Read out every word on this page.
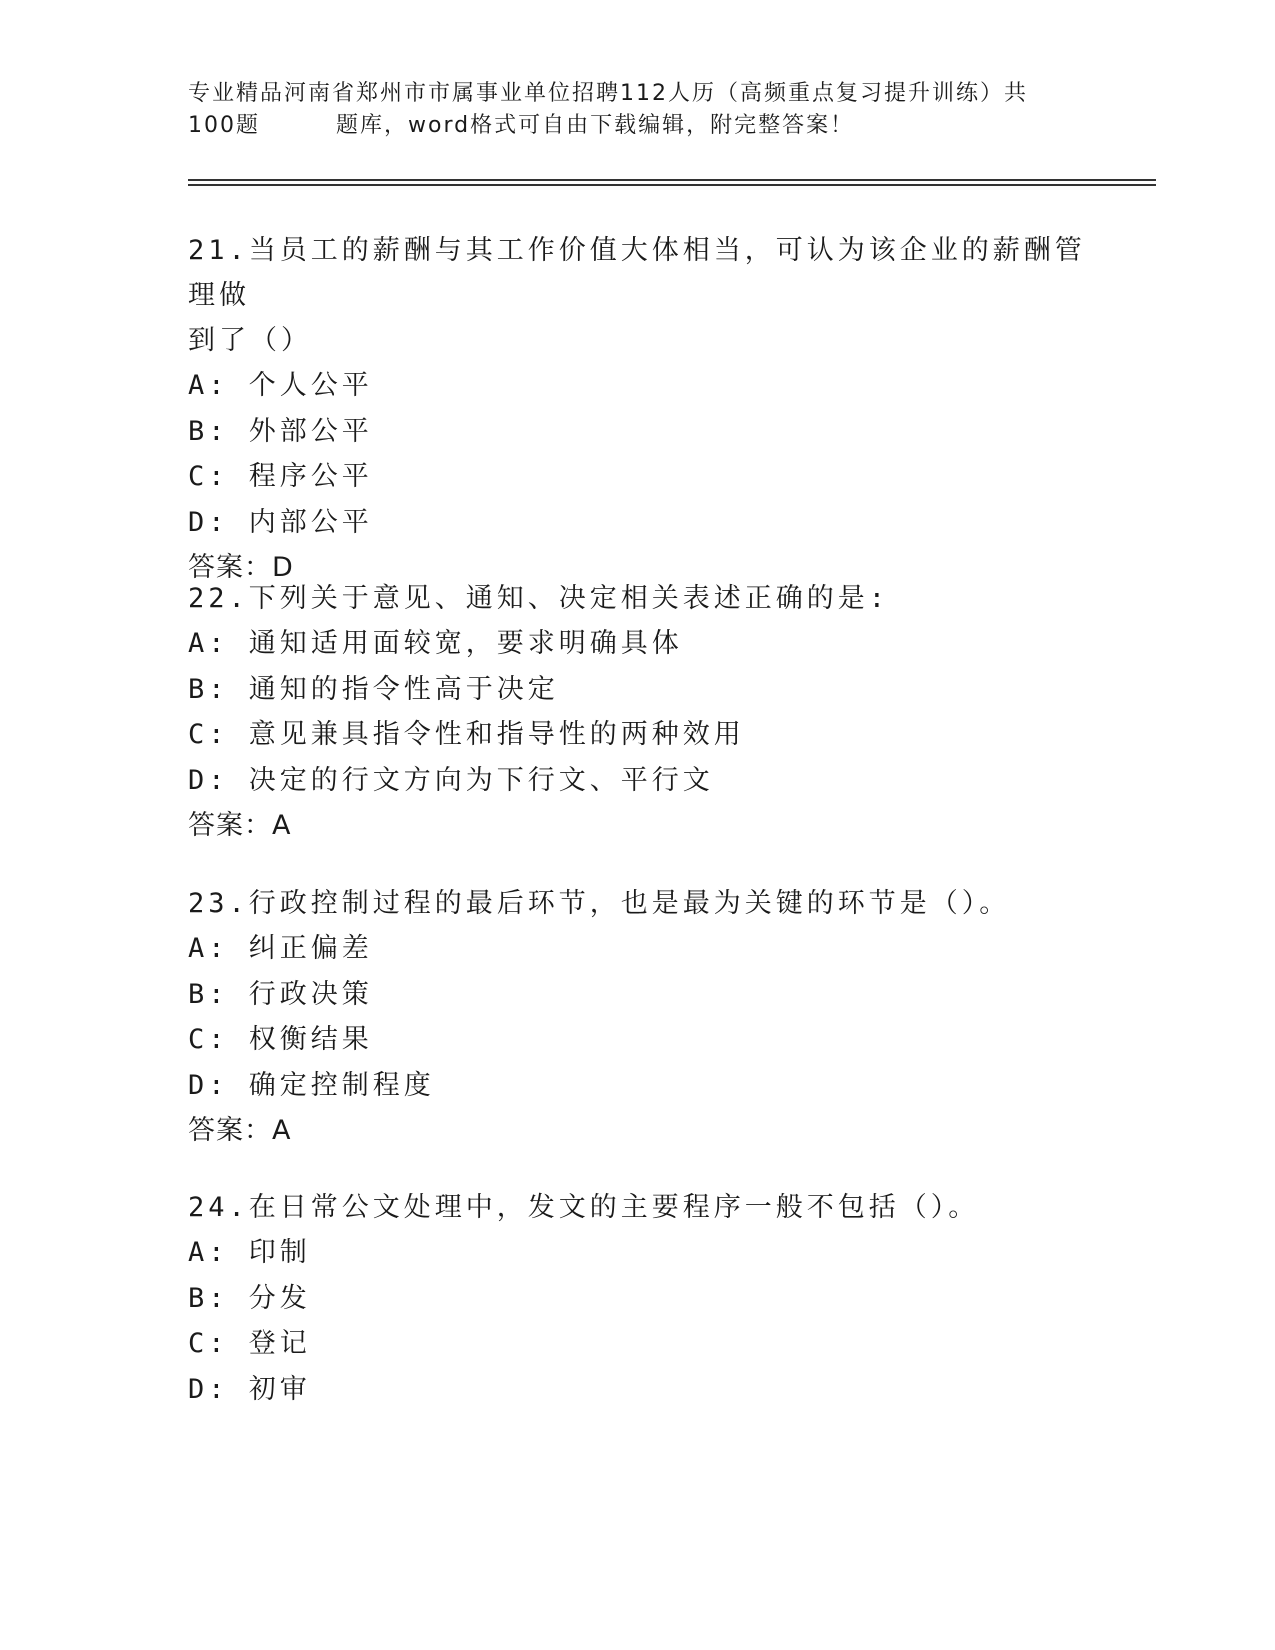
专业精品河南省郑州市市属事业单位招聘112人历（高频重点复习提升训练）共
100题	题库，word格式可自由下载编辑，附完整答案！

21.当员工的薪酬与其工作价值大体相当，可认为该企业的薪酬管理做

到了（）

A: 个人公平

B: 外部公平

C: 程序公平

D: 内部公平

答案：D

22.下列关于意见、通知、决定相关表述正确的是:

A: 通知适用面较宽，要求明确具体

B: 通知的指令性高于决定

C: 意见兼具指令性和指导性的两种效用

D: 决定的行文方向为下行文、平行文

答案：A

23.行政控制过程的最后环节，也是最为关键的环节是（）。

A: 纠正偏差

B: 行政决策

C: 权衡结果

D: 确定控制程度

答案：A

24.在日常公文处理中，发文的主要程序一般不包括（）。

A: 印制

B: 分发

C: 登记

D: 初审
